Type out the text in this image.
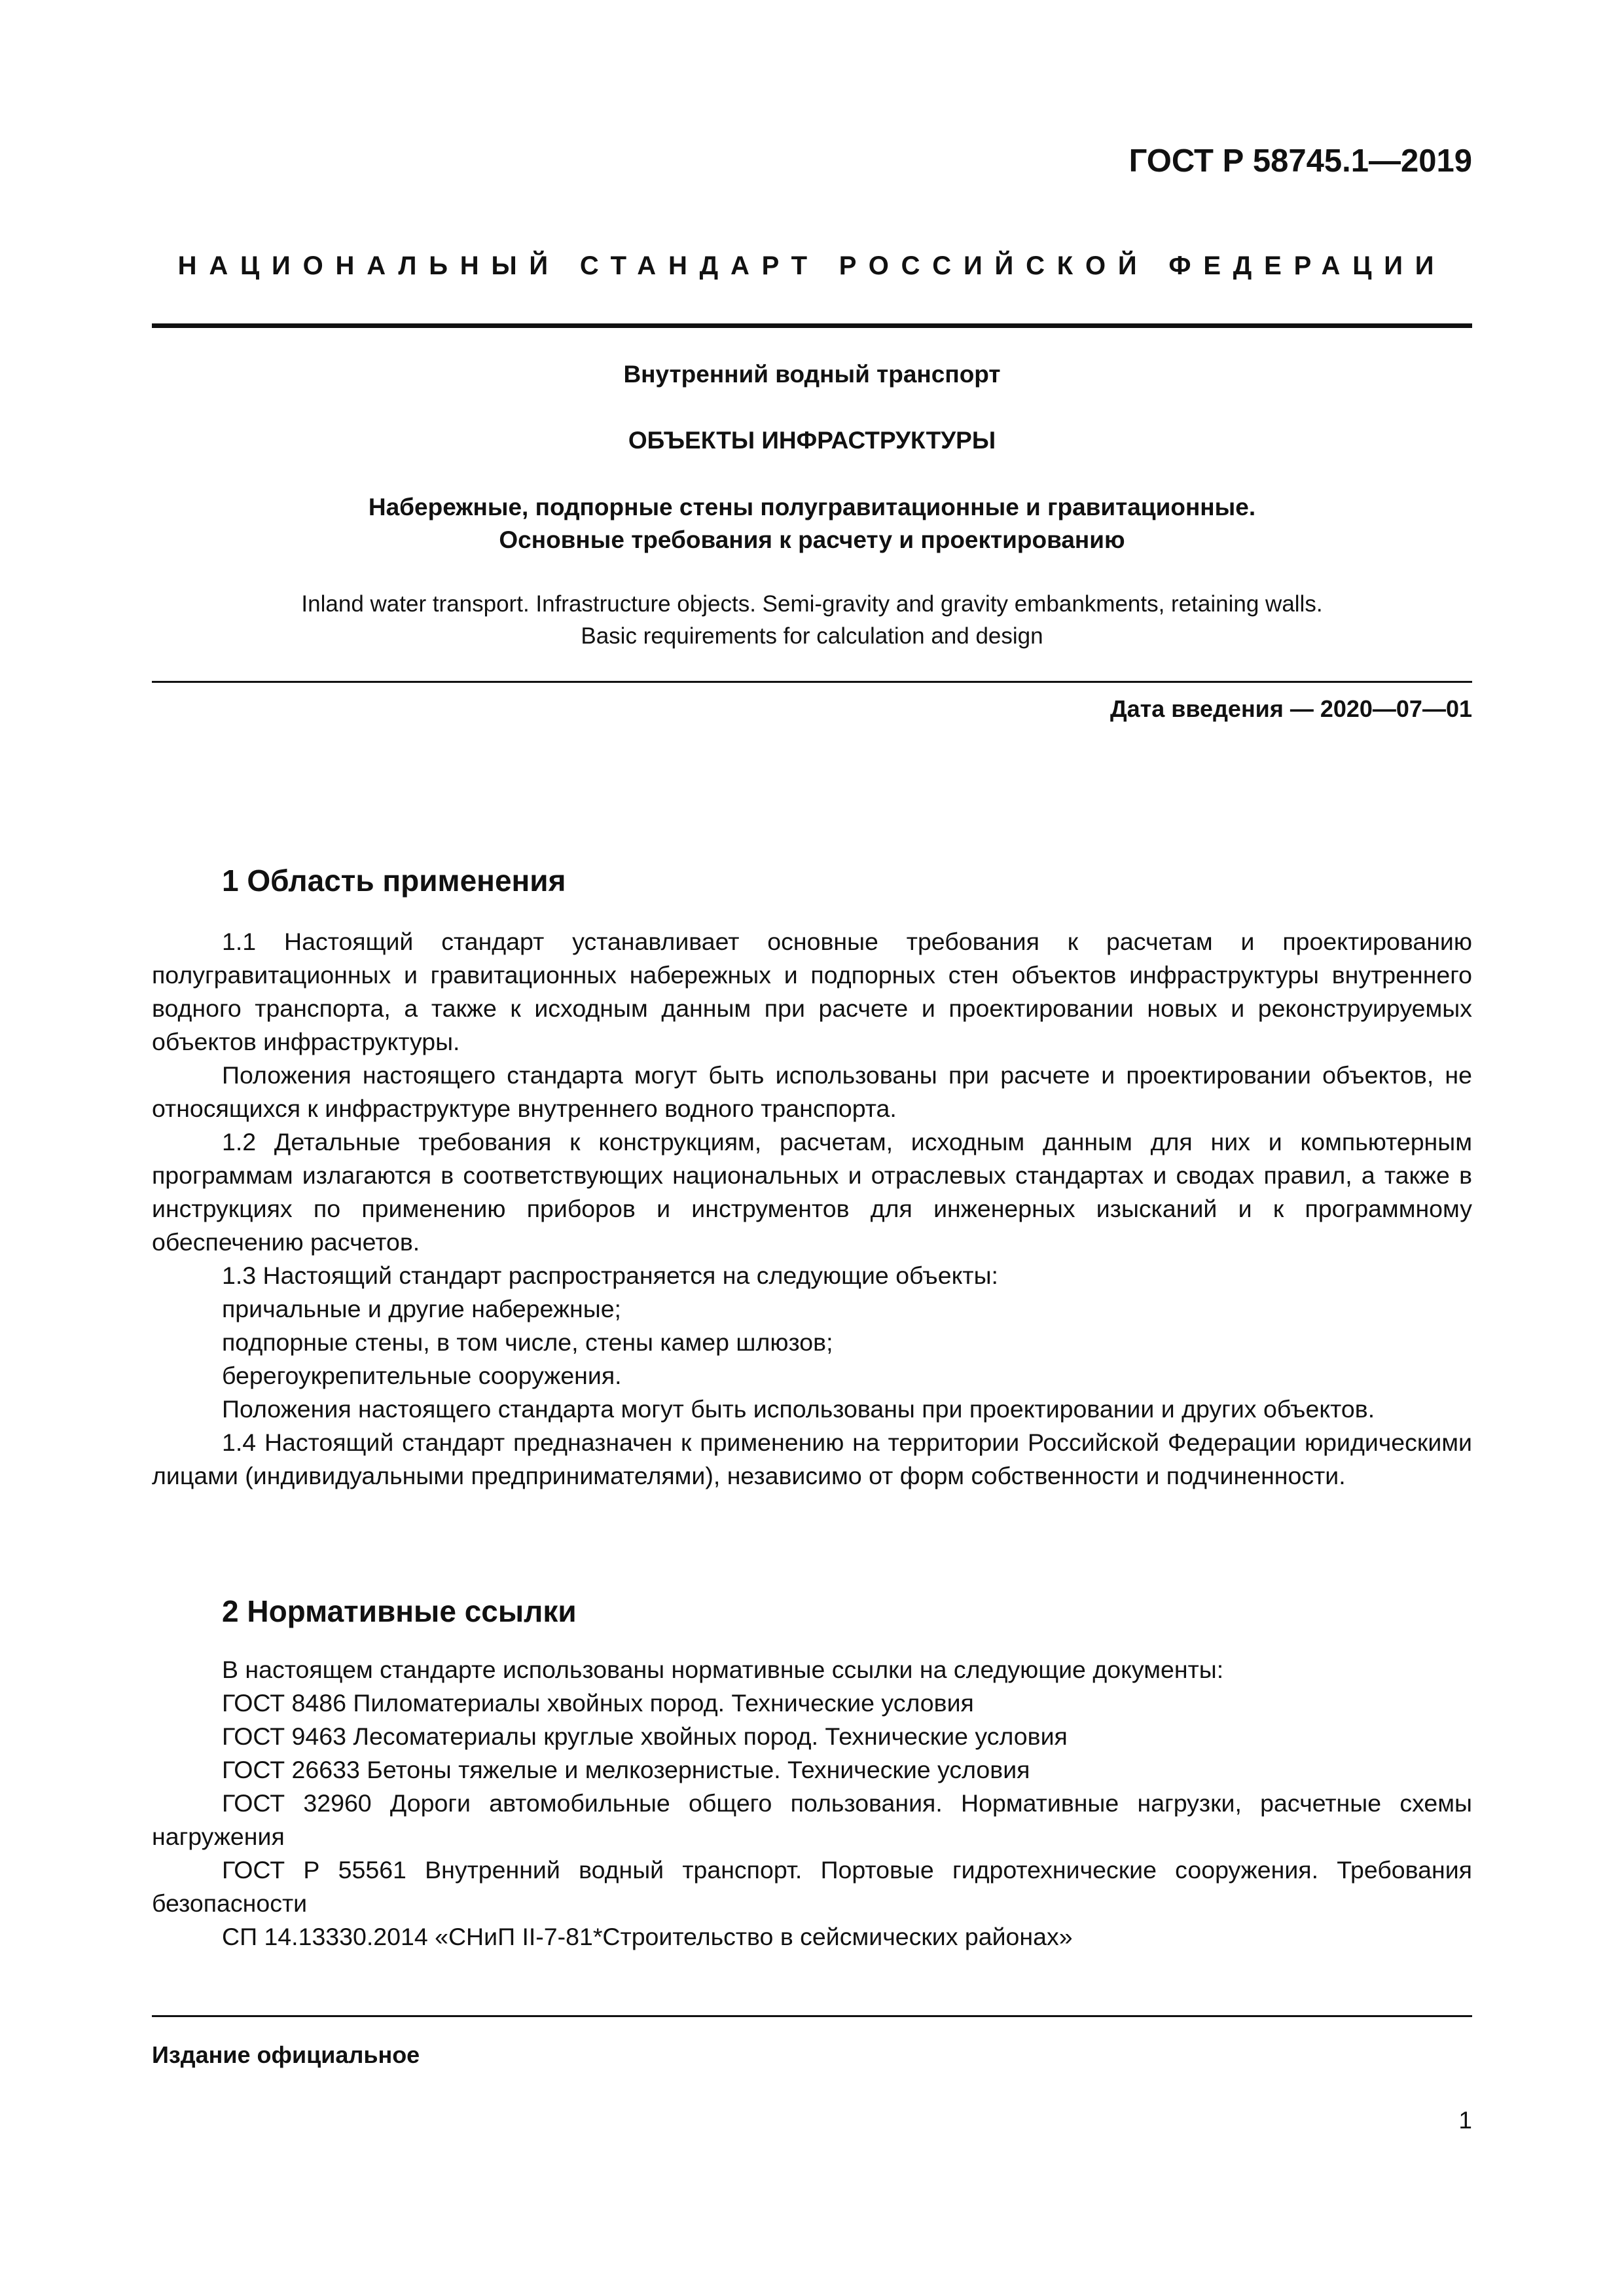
ГОСТ Р 58745.1—2019

НАЦИОНАЛЬНЫЙ СТАНДАРТ РОССИЙСКОЙ ФЕДЕРАЦИИ

Внутренний водный транспорт

ОБЪЕКТЫ ИНФРАСТРУКТУРЫ

Набережные, подпорные стены полугравитационные и гравитационные.
Основные требования к расчету и проектированию
Inland water transport. Infrastructure objects. Semi-gravity and gravity embankments, retaining walls.
Basic requirements for calculation and design

Дата введения — 2020—07—01

1 Область применения

1.1 Настоящий стандарт устанавливает основные требования к расчетам и проектированию полугравитационных и гравитационных набережных и подпорных стен объектов инфраструктуры внутреннего водного транспорта, а также к исходным данным при расчете и проектировании новых и реконструируемых объектов инфраструктуры.

Положения настоящего стандарта могут быть использованы при расчете и проектировании объектов, не относящихся к инфраструктуре внутреннего водного транспорта.

1.2 Детальные требования к конструкциям, расчетам, исходным данным для них и компьютерным программам излагаются в соответствующих национальных и отраслевых стандартах и сводах правил, а также в инструкциях по применению приборов и инструментов для инженерных изысканий и к программному обеспечению расчетов.

1.3 Настоящий стандарт распространяется на следующие объекты:

причальные и другие набережные;

подпорные стены, в том числе, стены камер шлюзов;

берегоукрепительные сооружения.

Положения настоящего стандарта могут быть использованы при проектировании и других объектов.

1.4 Настоящий стандарт предназначен к применению на территории Российской Федерации юридическими лицами (индивидуальными предпринимателями), независимо от форм собственности и подчиненности.

2 Нормативные ссылки

В настоящем стандарте использованы нормативные ссылки на следующие документы:

ГОСТ 8486 Пиломатериалы хвойных пород. Технические условия

ГОСТ 9463 Лесоматериалы круглые хвойных пород. Технические условия

ГОСТ 26633 Бетоны тяжелые и мелкозернистые. Технические условия

ГОСТ 32960 Дороги автомобильные общего пользования. Нормативные нагрузки, расчетные схемы нагружения

ГОСТ Р 55561 Внутренний водный транспорт. Портовые гидротехнические сооружения. Требования безопасности

СП 14.13330.2014 «СНиП II-7-81*Строительство в сейсмических районах»

Издание официальное

1
